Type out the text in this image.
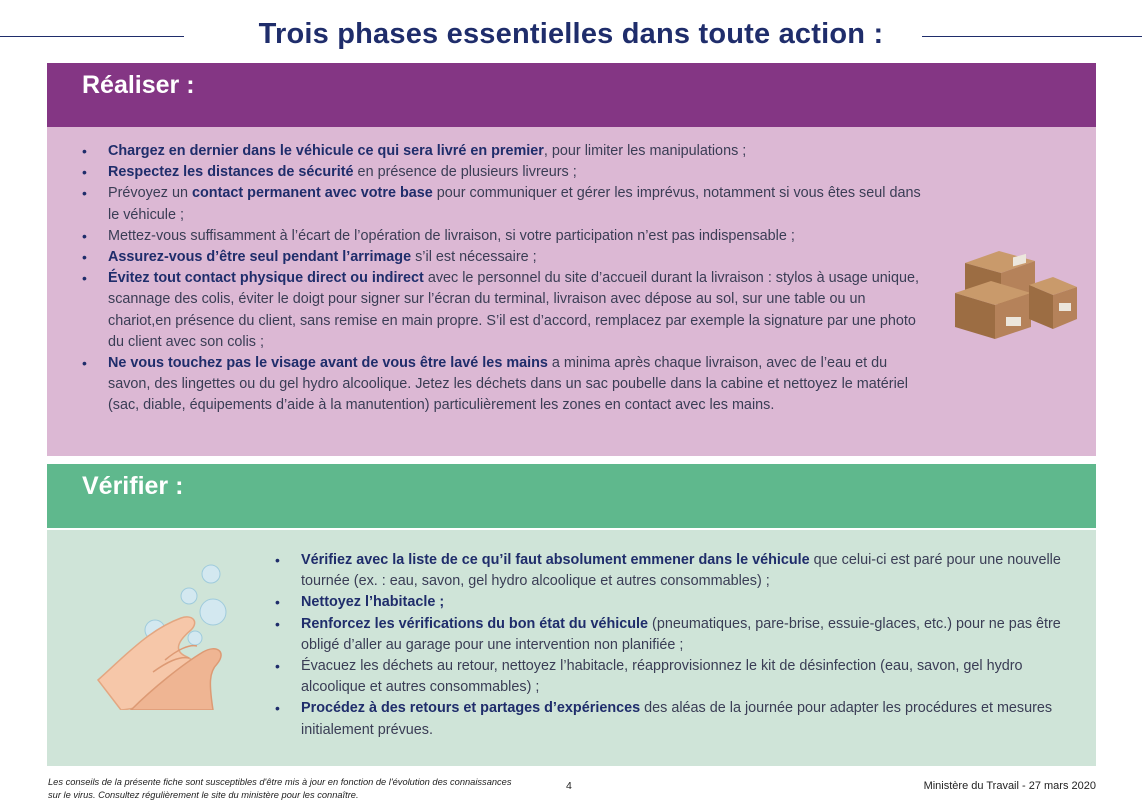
Trois phases essentielles dans toute action :
Réaliser :
• Chargez en dernier dans le véhicule ce qui sera livré en premier, pour limiter les manipulations ;
• Respectez les distances de sécurité en présence de plusieurs livreurs ;
• Prévoyez un contact permanent avec votre base pour communiquer et gérer les imprévus, notamment si vous êtes seul dans le véhicule ;
• Mettez-vous suffisamment à l’écart de l’opération de livraison, si votre participation n’est pas indispensable ;
• Assurez-vous d’être seul pendant l’arrimage s’il est nécessaire ;
• Évitez tout contact physique direct ou indirect avec le personnel du site d’accueil durant la livraison : stylos à usage unique, scannage des colis, éviter le doigt pour signer sur l’écran du terminal, livraison avec dépose au sol, sur une table ou un chariot,en présence du client, sans remise en main propre. S’il est d’accord, remplacez par exemple la signature par une photo du client avec son colis ;
• Ne vous touchez pas le visage avant de vous être lavé les mains a minima après chaque livraison, avec de l’eau et du savon, des lingettes ou du gel hydro alcoolique. Jetez les déchets dans un sac poubelle dans la cabine et nettoyez le matériel (sac, diable, équipements d’aide à la manutention) particulièrement les zones en contact avec les mains.
Vérifier :
• Vérifiez avec la liste de ce qu’il faut absolument emmener dans le véhicule que celui-ci est paré pour une nouvelle tournée (ex. : eau, savon, gel hydro alcoolique et autres consommables) ;
• Nettoyez l’habitacle ;
• Renforcez les vérifications du bon état du véhicule (pneumatiques, pare-brise, essuie-glaces, etc.) pour ne pas être obligé d’aller au garage pour une intervention non planifiée ;
• Évacuez les déchets au retour, nettoyez l’habitacle, réapprovisionnez le kit de désinfection (eau, savon, gel hydro alcoolique et autres consommables) ;
• Procédez à des retours et partages d’expériences des aléas de la journée pour adapter les procédures et mesures initialement prévues.
Les conseils de la présente fiche sont susceptibles d'être mis à jour en fonction de l'évolution des connaissances sur le virus. Consultez régulièrement le site du ministère pour les connaître.
4	Ministère du Travail - 27 mars 2020
